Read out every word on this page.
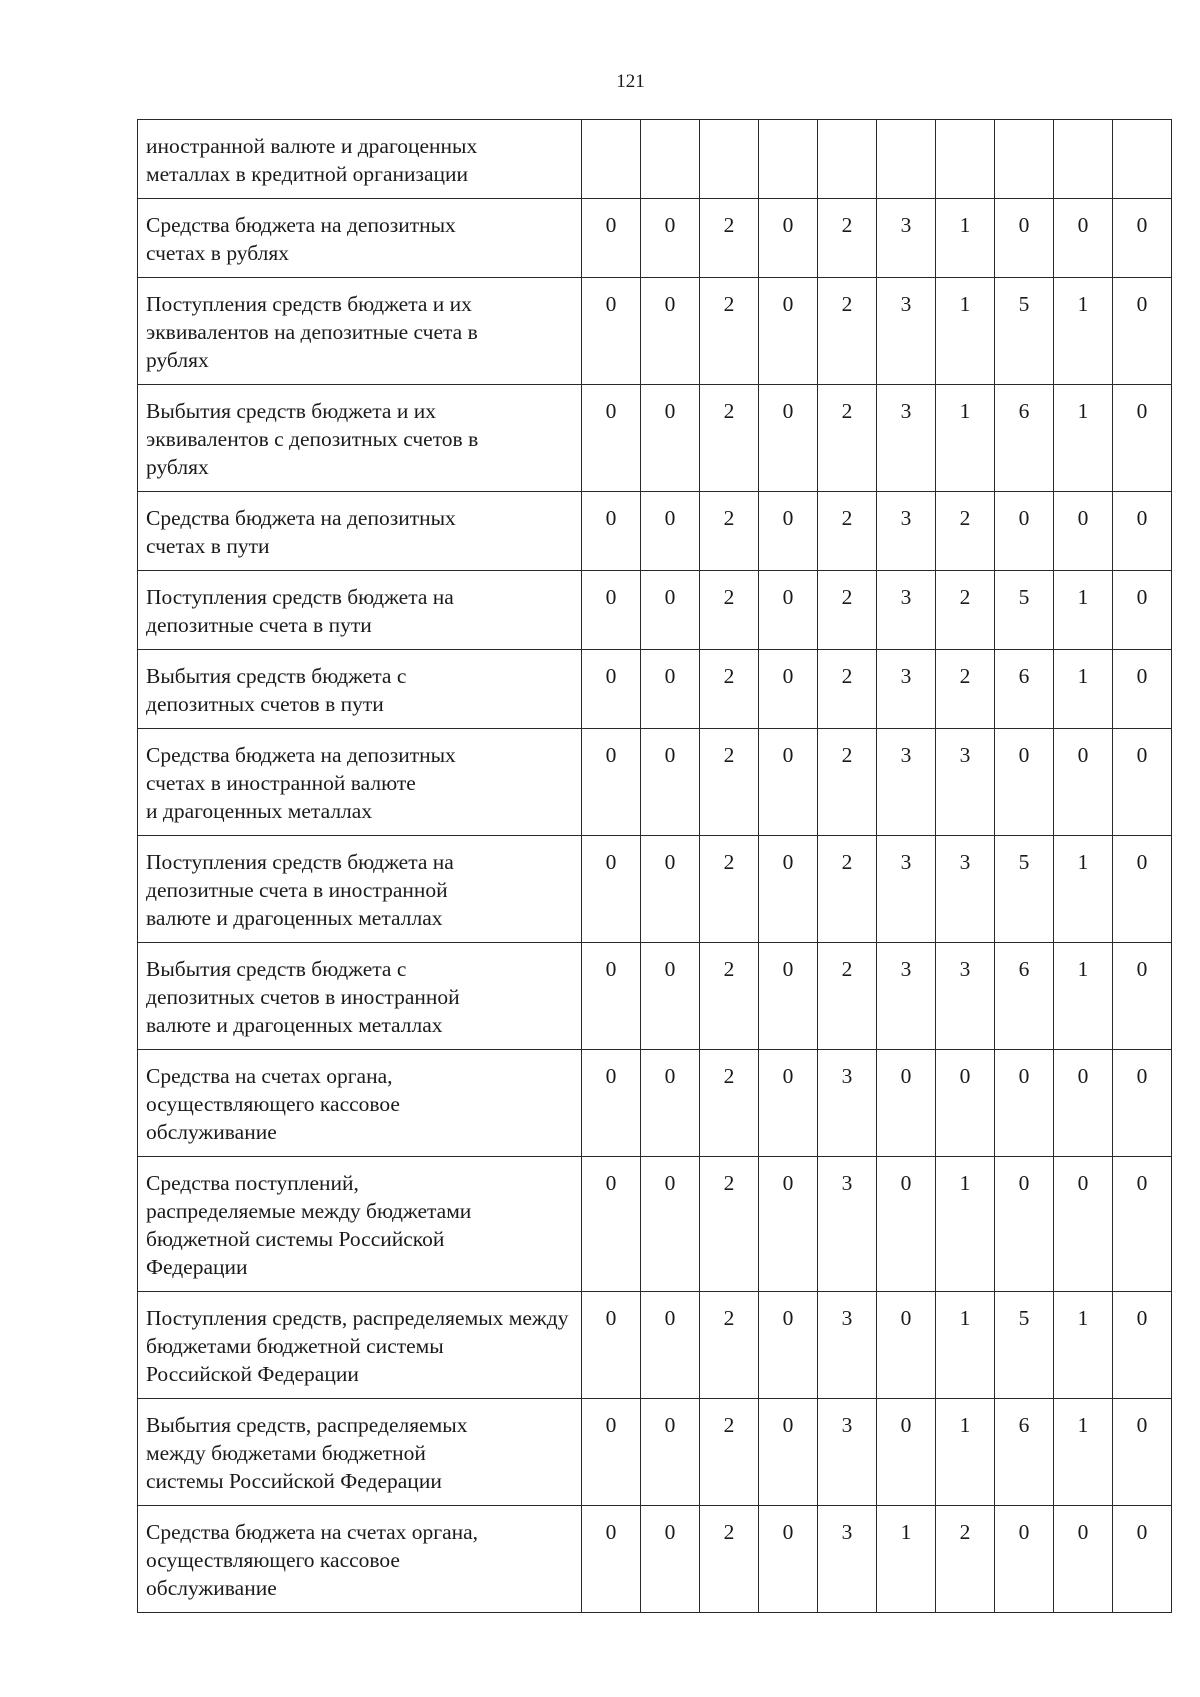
121
иностранной валюте и драгоценных
металлах в кредитной организации										
Средства бюджета на депозитных
счетах в рублях	0	0	2	0	2	3	1	0	0	0
Поступления средств бюджета и их
эквивалентов на депозитные счета в
рублях	0	0	2	0	2	3	1	5	1	0
Выбытия средств бюджета и их
эквивалентов с депозитных счетов в
рублях	0	0	2	0	2	3	1	6	1	0
Средства бюджета на депозитных
счетах в пути	0	0	2	0	2	3	2	0	0	0
Поступления средств бюджета на
депозитные счета в пути	0	0	2	0	2	3	2	5	1	0
Выбытия средств бюджета с
депозитных счетов в пути	0	0	2	0	2	3	2	6	1	0
Средства бюджета на депозитных
счетах в иностранной валюте
и драгоценных металлах	0	0	2	0	2	3	3	0	0	0
Поступления средств бюджета на
депозитные счета в иностранной
валюте и драгоценных металлах	0	0	2	0	2	3	3	5	1	0
Выбытия средств бюджета с
депозитных счетов в иностранной
валюте и драгоценных металлах	0	0	2	0	2	3	3	6	1	0
Средства на счетах органа,
осуществляющего кассовое
обслуживание	0	0	2	0	3	0	0	0	0	0
Средства поступлений,
распределяемые между бюджетами
бюджетной системы Российской
Федерации	0	0	2	0	3	0	1	0	0	0
Поступления средств, распределяемых между
бюджетами бюджетной системы
Российской Федерации	0	0	2	0	3	0	1	5	1	0
Выбытия средств, распределяемых
между бюджетами бюджетной
системы Российской Федерации	0	0	2	0	3	0	1	6	1	0
Средства бюджета на счетах органа,
осуществляющего кассовое
обслуживание	0	0	2	0	3	1	2	0	0	0
